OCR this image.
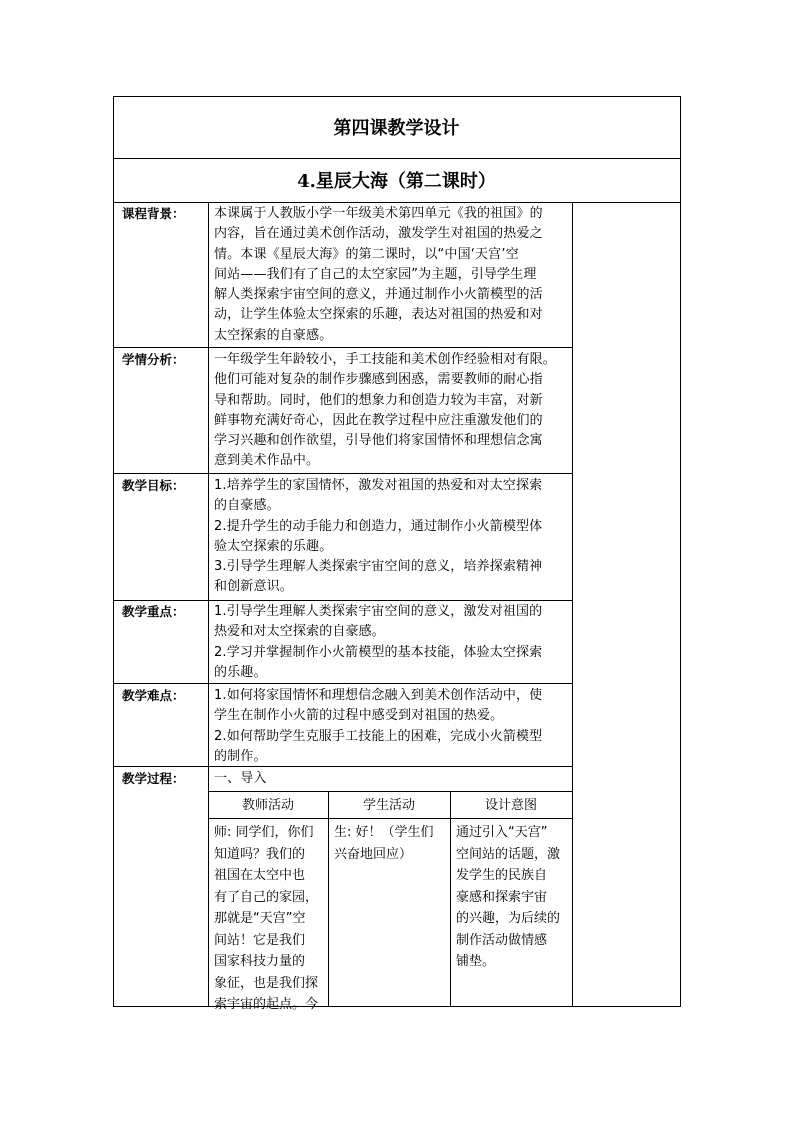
第四课教学设计
4.星辰大海（第二课时）
课程背景：
学情分析：
教学目标：
教学重点：
教学难点：
教学过程：

本课属于人教版小学一年级美术第四单元《我的祖国》的

内容，旨在通过美术创作活动，激发学生对祖国的热爱之

情。本课《星辰大海》的第二课时，以“中国‘天宫’空

间站——我们有了自己的太空家园”为主题，引导学生理

解人类探索宇宙空间的意义，并通过制作小火箭模型的活

动，让学生体验太空探索的乐趣，表达对祖国的热爱和对

太空探索的自豪感。

一年级学生年龄较小，手工技能和美术创作经验相对有限。

他们可能对复杂的制作步骤感到困惑，需要教师的耐心指

导和帮助。同时，他们的想象力和创造力较为丰富，对新

鲜事物充满好奇心，因此在教学过程中应注重激发他们的

学习兴趣和创作欲望，引导他们将家国情怀和理想信念寓

意到美术作品中。

1.培养学生的家国情怀，激发对祖国的热爱和对太空探索

的自豪感。

2.提升学生的动手能力和创造力，通过制作小火箭模型体

验太空探索的乐趣。

3.引导学生理解人类探索宇宙空间的意义，培养探索精神

和创新意识。

1.引导学生理解人类探索宇宙空间的意义，激发对祖国的

热爱和对太空探索的自豪感。

2.学习并掌握制作小火箭模型的基本技能，体验太空探索

的乐趣。

1.如何将家国情怀和理想信念融入到美术创作活动中，使

学生在制作小火箭的过程中感受到对祖国的热爱。

2.如何帮助学生克服手工技能上的困难，完成小火箭模型

的制作。

一、导入

教师活动	学生活动	设计意图
师: 同学们，你们
知道吗？我们的
祖国在太空中也
有了自己的家园，
那就是“天宫”空
间站！它是我们
国家科技力量的
象征，也是我们探
索宇宙的起点。今
生: 好！（学生们
兴奋地回应）
通过引入“天宫”
空间站的话题，激
发学生的民族自
豪感和探索宇宙
的兴趣，为后续的
制作活动做情感
铺垫。
